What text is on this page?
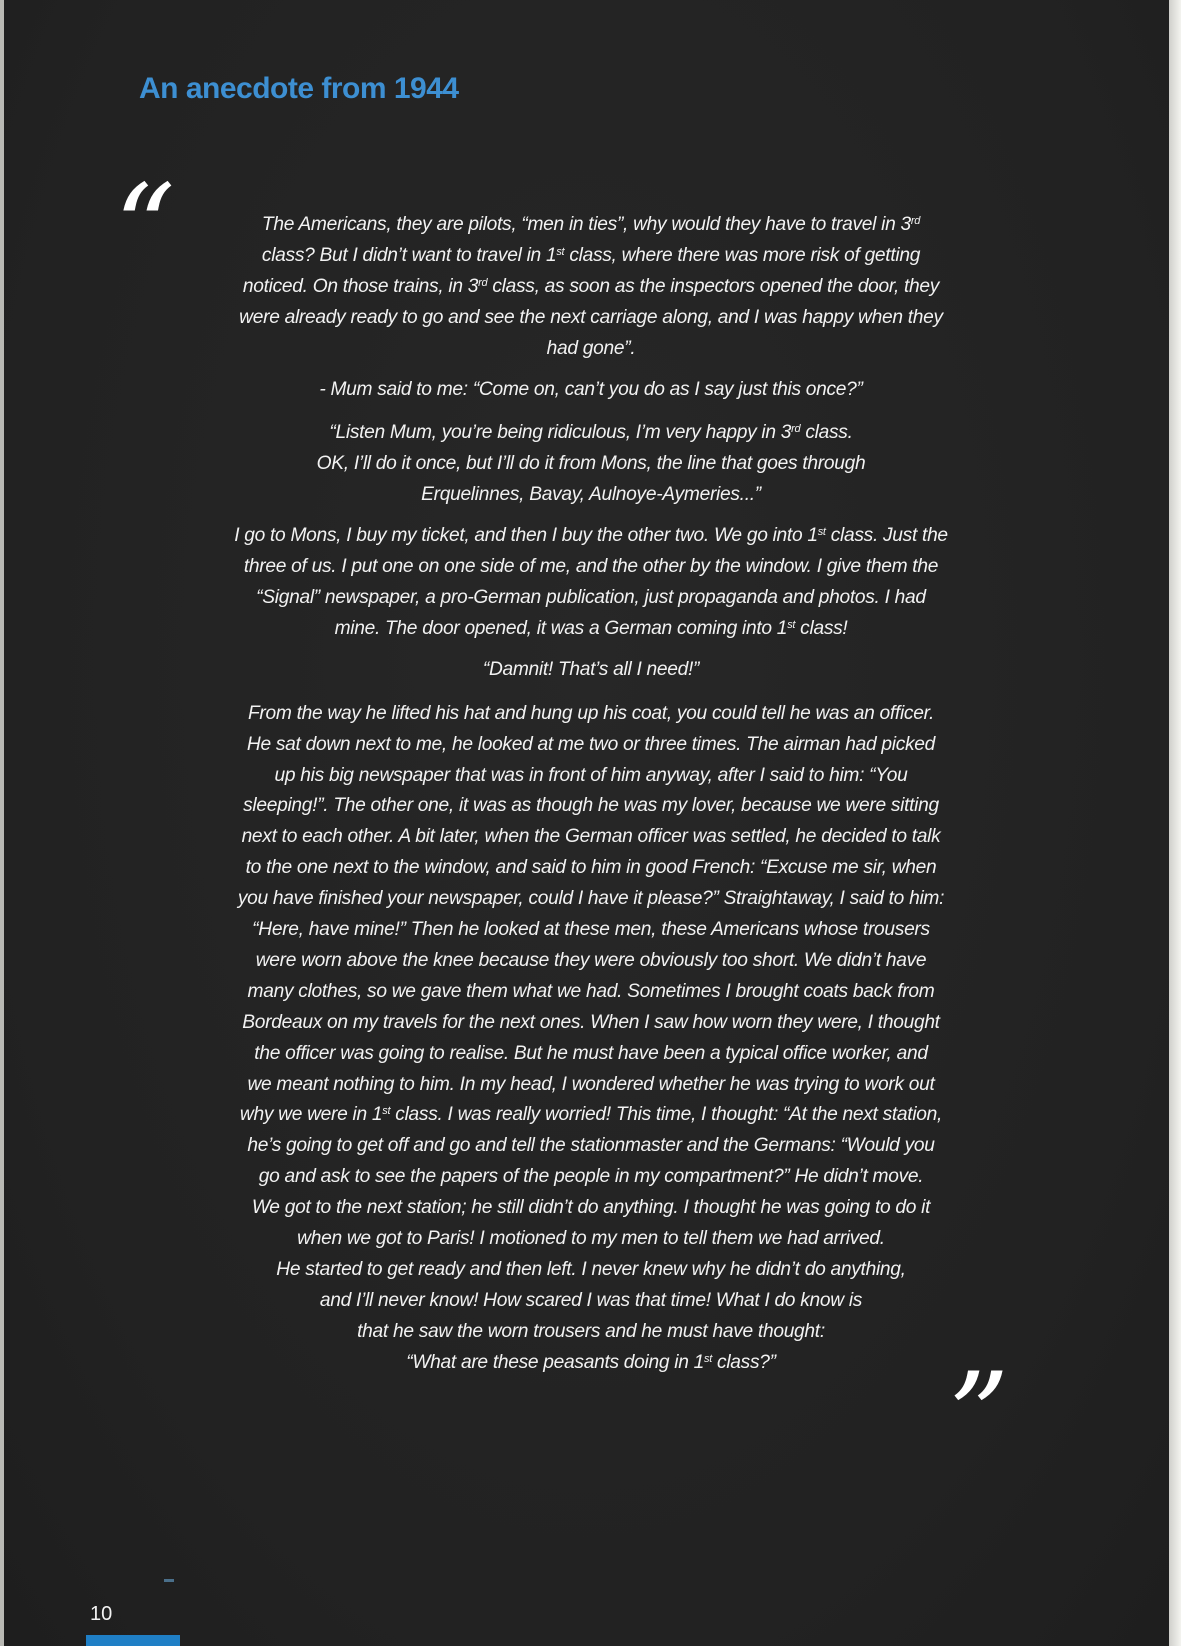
An anecdote from 1944
“	The Americans, they are pilots, “men in ties”, why would they have to travel in 3rd
class? But I didn’t want to travel in 1st class, where there was more risk of getting
noticed. On those trains, in 3rd class, as soon as the inspectors opened the door, they
were already ready to go and see the next carriage along, and I was happy when they
had gone”.

- Mum said to me: “Come on, can’t you do as I say just this once?”

“Listen Mum, you’re being ridiculous, I’m very happy in 3rd class.
OK, I’ll do it once, but I’ll do it from Mons, the line that goes through
Erquelinnes, Bavay, Aulnoye-Aymeries...”

I go to Mons, I buy my ticket, and then I buy the other two. We go into 1st class. Just the
three of us. I put one on one side of me, and the other by the window. I give them the
“Signal” newspaper, a pro-German publication, just propaganda and photos. I had
mine. The door opened, it was a German coming into 1st class!

“Damnit! That’s all I need!”

From the way he lifted his hat and hung up his coat, you could tell he was an officer.
He sat down next to me, he looked at me two or three times. The airman had picked
up his big newspaper that was in front of him anyway, after I said to him: “You
sleeping!”. The other one, it was as though he was my lover, because we were sitting
next to each other. A bit later, when the German officer was settled, he decided to talk
to the one next to the window, and said to him in good French: “Excuse me sir, when
you have finished your newspaper, could I have it please?” Straightaway, I said to him:
“Here, have mine!” Then he looked at these men, these Americans whose trousers
were worn above the knee because they were obviously too short. We didn’t have
many clothes, so we gave them what we had. Sometimes I brought coats back from
Bordeaux on my travels for the next ones. When I saw how worn they were, I thought
the officer was going to realise. But he must have been a typical office worker, and
we meant nothing to him. In my head, I wondered whether he was trying to work out
why we were in 1st class. I was really worried! This time, I thought: “At the next station,
he’s going to get off and go and tell the stationmaster and the Germans: “Would you
go and ask to see the papers of the people in my compartment?” He didn’t move.
We got to the next station; he still didn’t do anything. I thought he was going to do it
when we got to Paris! I motioned to my men to tell them we had arrived.
He started to get ready and then left. I never knew why he didn’t do anything,
and I’ll never know! How scared I was that time! What I do know is
that he saw the worn trousers and he must have thought:
“What are these peasants doing in 1st class?”	”
10
